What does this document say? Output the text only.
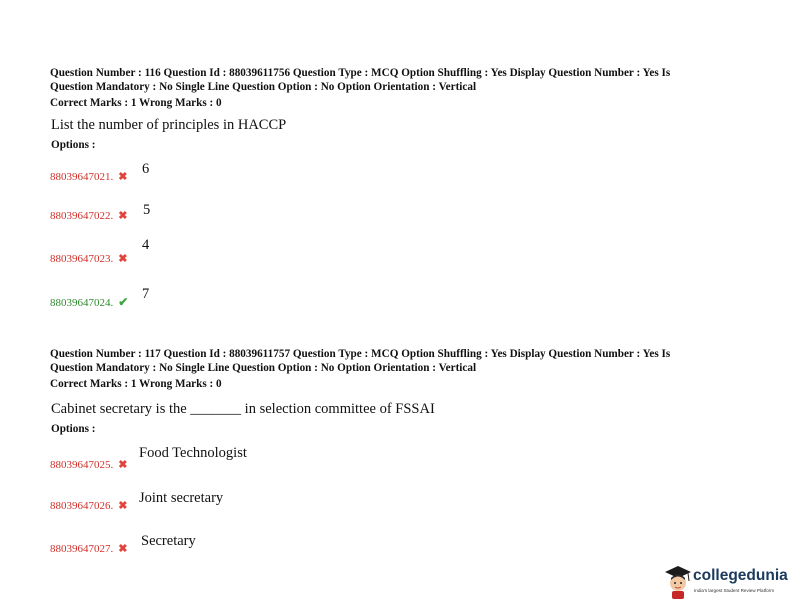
Question Number : 116 Question Id : 88039611756 Question Type : MCQ Option Shuffling : Yes Display Question Number : Yes Is
Question Mandatory : No Single Line Question Option : No Option Orientation : Vertical
Correct Marks : 1 Wrong Marks : 0
List the number of principles in HACCP
Options :
88039647021. ✖ 6
88039647022. ✖ 5
88039647023. ✖
4
88039647024. ✔ 7
Question Number : 117 Question Id : 88039611757 Question Type : MCQ Option Shuffling : Yes Display Question Number : Yes Is
Question Mandatory : No Single Line Question Option : No Option Orientation : Vertical
Correct Marks : 1 Wrong Marks : 0
Cabinet secretary is the _______ in selection committee of FSSAI
Options :
88039647025. ✖
Food Technologist
88039647026. ✖ Joint secretary
88039647027. ✖ Secretary
collegedunia
India's largest Student Review Platform
